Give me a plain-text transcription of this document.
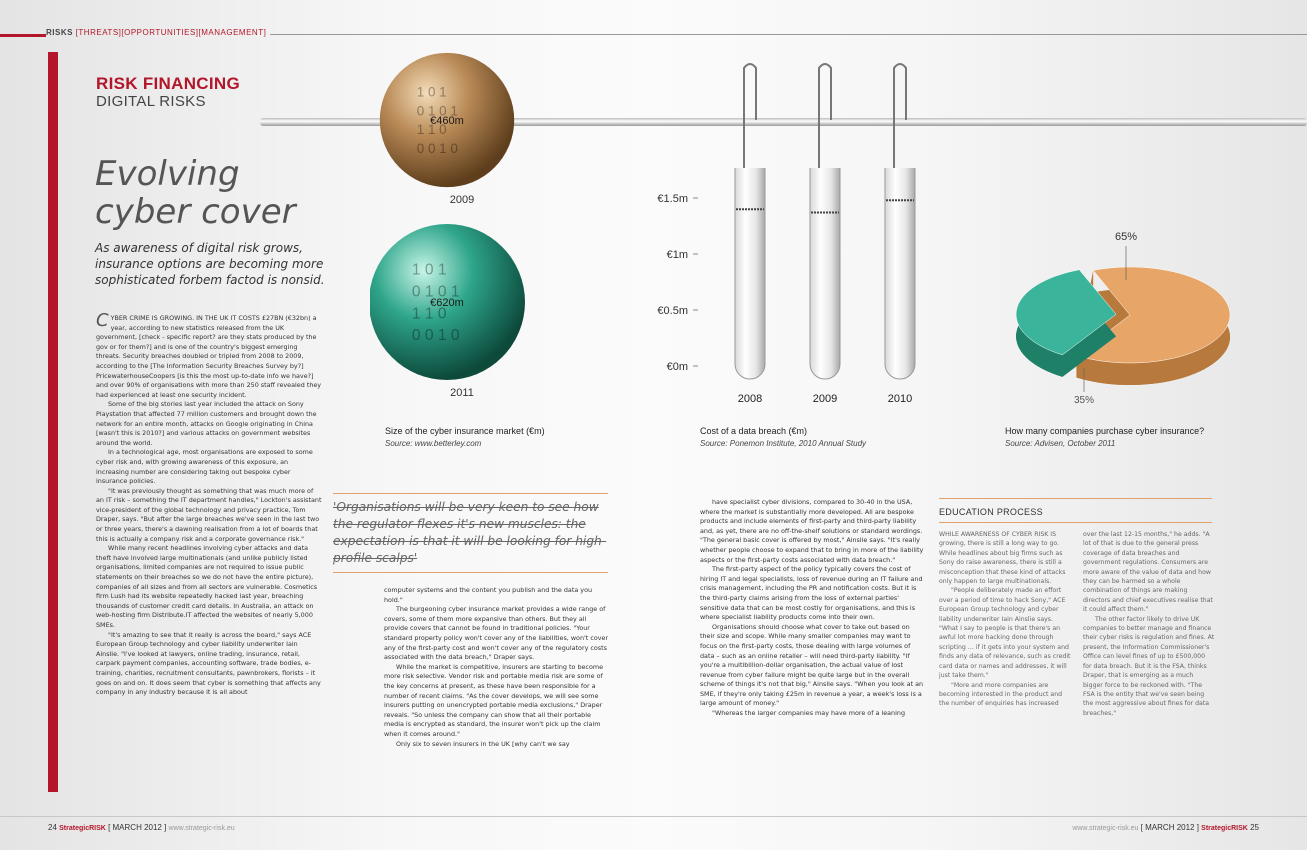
RISKS [THREATS][OPPORTUNITIES][MANAGEMENT]
RISK FINANCING
DIGITAL RISKS
Evolving
cyber cover
As awareness of digital risk grows, insurance options are becoming more sophisticated forbem factod is nonsid.

CYBER CRIME IS GROWING. IN THE UK IT COSTS £27BN (€32bn) a year, according to new statistics released from the UK government, [check - specific report? are they stats produced by the gov or for them?] and is one of the country's biggest emerging threats. Security breaches doubled or tripled from 2008 to 2009, according to the [The Information Security Breaches Survey by?] PricewaterhouseCoopers [is this the most up-to-date info we have?] and over 90% of organisations with more than 250 staff revealed they had experienced at least one security incident.

Some of the big stories last year included the attack on Sony Playstation that affected 77 million customers and brought down the network for an entire month, attacks on Google originating in China [wasn't this is 2010?] and various attacks on government websites around the world.

In a technological age, most organisations are exposed to some cyber risk and, with growing awareness of this exposure, an increasing number are considering taking out bespoke cyber insurance policies.

"It was previously thought as something that was much more of an IT risk – something the IT department handles," Lockton's assistant vice-president of the global technology and privacy practice, Tom Draper, says. "But after the large breaches we've seen in the last two or three years, there's a dawning realisation from a lot of boards that this is actually a company risk and a corporate governance risk."

While many recent headlines involving cyber attacks and data theft have involved large multinationals (and unlike publicly listed organisations, limited companies are not required to issue public statements on their breaches so we do not have the entire picture), companies of all sizes and from all sectors are vulnerable. Cosmetics firm Lush had its website repeatedly hacked last year, breaching thousands of customer credit card details. In Australia, an attack on web-hosting firm Distribute.IT affected the websites of nearly 5,000 SMEs.

"It's amazing to see that it really is across the board," says ACE European Group technology and cyber liability underwriter Iain Ainslie. "I've looked at lawyers, online trading, insurance, retail, carpark payment companies, accounting software, trade bodies, e-training, charities, recruitment consultants, pawnbrokers, florists – it goes on and on. It does seem that cyber is something that affects any company in any industry because it is all about

'Organisations will be very keen to see how the regulator flexes it's new muscles: the expectation is that it will be looking for high-profile scalps'

computer systems and the content you publish and the data you hold."

The burgeoning cyber insurance market provides a wide range of covers, some of them more expansive than others. But they all provide covers that cannot be found in traditional policies. "Your standard property policy won't cover any of the liabilities, won't cover any of the first-party cost and won't cover any of the regulatory costs associated with the data breach," Draper says.

While the market is competitive, insurers are starting to become more risk selective. Vendor risk and portable media risk are some of the key concerns at present, as these have been responsible for a number of recent claims. "As the cover develops, we will see some insurers putting on unencrypted portable media exclusions," Draper reveals. "So unless the company can show that all their portable media is encrypted as standard, the insurer won't pick up the claim when it comes around."

Only six to seven insurers in the UK [why can't we say

have specialist cyber divisions, compared to 30-40 in the USA, where the market is substantially more developed. All are bespoke products and include elements of first-party and third-party liability and, as yet, there are no off-the-shelf solutions or standard wordings. "The general basic cover is offered by most," Ainslie says. "It's really whether people choose to expand that to bring in more of the liability aspects or the first-party costs associated with data breach."

The first-party aspect of the policy typically covers the cost of hiring IT and legal specialists, loss of revenue during an IT failure and crisis management, including the PR and notification costs. But it is the third-party claims arising from the loss of external parties' sensitive data that can be most costly for organisations, and this is where specialist liability products come into their own.

Organisations should choose what cover to take out based on their size and scope. While many smaller companies may want to focus on the first-party costs, those dealing with large volumes of data – such as an online retailer – will need third-party liability. "If you're a multibillion-dollar organisation, the actual value of lost revenue from cyber failure might be quite large but in the overall scheme of things it's not that big," Ainslie says. "When you look at an SME, if they're only taking £25m in revenue a year, a week's loss is a large amount of money."

"Whereas the larger companies may have more of a leaning

EDUCATION PROCESS

WHILE AWARENESS OF CYBER RISK IS growing, there is still a long way to go. While headlines about big firms such as Sony do raise awareness, there is still a misconception that these kind of attacks only happen to large multinationals.

"People deliberately made an effort over a period of time to hack Sony," ACE European Group technology and cyber liability underwriter Iain Ainslie says. "What I say to people is that there's an awful lot more hacking done through scripting … if it gets into your system and finds any data of relevance, such as credit card data or names and addresses, it will just take them."

"More and more companies are becoming interested in the product and the number of enquiries has increased

over the last 12-15 months," he adds. "A lot of that is due to the general press coverage of data breaches and government regulations. Consumers are more aware of the value of data and how they can be harmed so a whole combination of things are making directors and chief executives realise that it could affect them."

The other factor likely to drive UK companies to better manage and finance their cyber risks is regulation and fines. At present, the Information Commissioner's Office can level fines of up to £500,000 for data breach. But it is the FSA, thinks Draper, that is emerging as a much bigger force to be reckoned with. "The FSA is the entity that we've seen being the most aggressive about fines for data breaches,"

1 0 1
0 1 0 1
1 1 0
0 0 1 0
€460m
2009
1 0 1
0 1 0 1
1 1 0
0 0 1 0
€620m
2011
Size of the cyber insurance market (€m)
Source: www.betterley.com
€0m
€0.5m
€1m
€1.5m
2008	2009	2010
Cost of a data breach (€m)
Source: Ponemon Institute, 2010 Annual Study
65%
35%
How many companies purchase cyber insurance?
Source: Advisen, October 2011
24 StrategicRISK [ MARCH 2012 ] www.strategic-risk.eu	www.strategic-risk.eu [ MARCH 2012 ] StrategicRISK 25
